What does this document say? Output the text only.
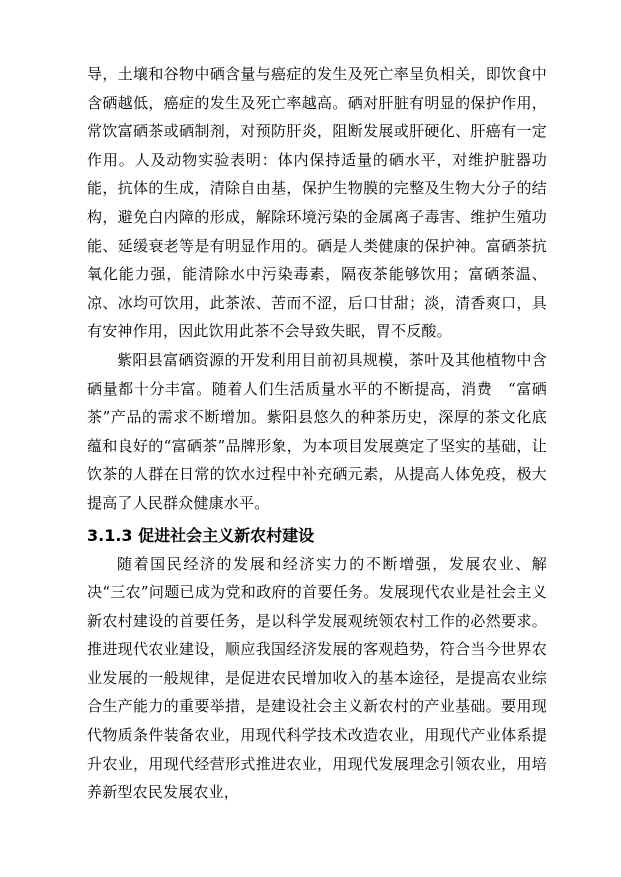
导，土壤和谷物中硒含量与癌症的发生及死亡率呈负相关，即饮食中含硒越低，癌症的发生及死亡率越高。硒对肝脏有明显的保护作用，常饮富硒茶或硒制剂，对预防肝炎，阻断发展或肝硬化、肝癌有一定作用。人及动物实验表明：体内保持适量的硒水平，对维护脏器功能，抗体的生成，清除自由基，保护生物膜的完整及生物大分子的结构，避免白内障的形成，解除环境污染的金属离子毒害、维护生殖功能、延缓衰老等是有明显作用的。硒是人类健康的保护神。富硒茶抗氧化能力强，能清除水中污染毒素，隔夜茶能够饮用；富硒茶温、凉、冰均可饮用，此茶浓、苦而不涩，后口甘甜；淡，清香爽口，具有安神作用，因此饮用此茶不会导致失眠，胃不反酸。

紫阳县富硒资源的开发利用目前初具规模，茶叶及其他植物中含硒量都十分丰富。随着人们生活质量水平的不断提高，消费　“富硒茶”产品的需求不断增加。紫阳县悠久的种茶历史，深厚的茶文化底蕴和良好的“富硒茶”品牌形象，为本项目发展奠定了坚实的基础，让饮茶的人群在日常的饮水过程中补充硒元素，从提高人体免疫，极大提高了人民群众健康水平。

3.1.3 促进社会主义新农村建设

随着国民经济的发展和经济实力的不断增强，发展农业、解决“三农”问题已成为党和政府的首要任务。发展现代农业是社会主义新农村建设的首要任务，是以科学发展观统领农村工作的必然要求。推进现代农业建设，顺应我国经济发展的客观趋势，符合当今世界农业发展的一般规律，是促进农民增加收入的基本途径，是提高农业综合生产能力的重要举措，是建设社会主义新农村的产业基础。要用现代物质条件装备农业，用现代科学技术改造农业，用现代产业体系提升农业，用现代经营形式推进农业，用现代发展理念引领农业，用培养新型农民发展农业，
